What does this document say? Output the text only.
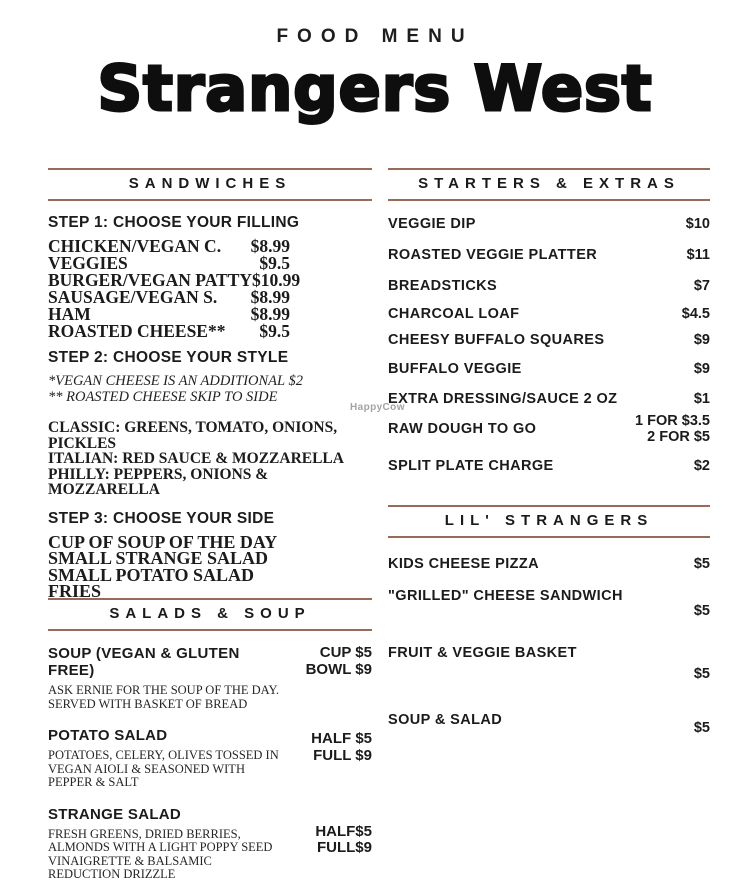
FOOD MENU
Strangers West
HappyCow
SANDWICHES
STEP 1: CHOOSE YOUR FILLING
CHICKEN/VEGAN C. $8.99
VEGGIES	$9.5
BURGER/VEGAN PATTY $10.99
SAUSAGE/VEGAN S. $8.99
HAM	$8.99
ROASTED CHEESE** $9.5
STEP 2: CHOOSE YOUR STYLE
*VEGAN CHEESE IS AN ADDITIONAL $2
** ROASTED CHEESE SKIP TO SIDE
CLASSIC: GREENS, TOMATO, ONIONS,
PICKLES
ITALIAN: RED SAUCE & MOZZARELLA
PHILLY: PEPPERS, ONIONS &
MOZZARELLA
STEP 3: CHOOSE YOUR SIDE
CUP OF SOUP OF THE DAY
SMALL STRANGE SALAD
SMALL POTATO SALAD
FRIES
SALADS & SOUP
SOUP (VEGAN & GLUTEN FREE)
ASK ERNIE FOR THE SOUP OF THE DAY. SERVED WITH BASKET OF BREAD
CUP $5
BOWL $9
POTATO SALAD
POTATOES, CELERY, OLIVES TOSSED IN VEGAN AIOLI & SEASONED WITH PEPPER & SALT
HALF $5
FULL $9
STRANGE SALAD
FRESH GREENS, DRIED BERRIES, ALMONDS WITH A LIGHT POPPY SEED VINAIGRETTE & BALSAMIC REDUCTION DRIZZLE
HALF$5
FULL$9
STARTERS & EXTRAS
VEGGIE DIP	$10
ROASTED VEGGIE PLATTER	$11
BREADSTICKS	$7
CHARCOAL LOAF	$4.5
CHEESY BUFFALO SQUARES	$9
BUFFALO VEGGIE	$9
EXTRA DRESSING/SAUCE 2 OZ	$1
RAW DOUGH TO GO	1 FOR $3.5
2 FOR $5
SPLIT PLATE CHARGE	$2
LIL' STRANGERS
KIDS CHEESE PIZZA	$5
"GRILLED" CHEESE SANDWICH
$5
FRUIT & VEGGIE BASKET
$5
SOUP & SALAD	$5
